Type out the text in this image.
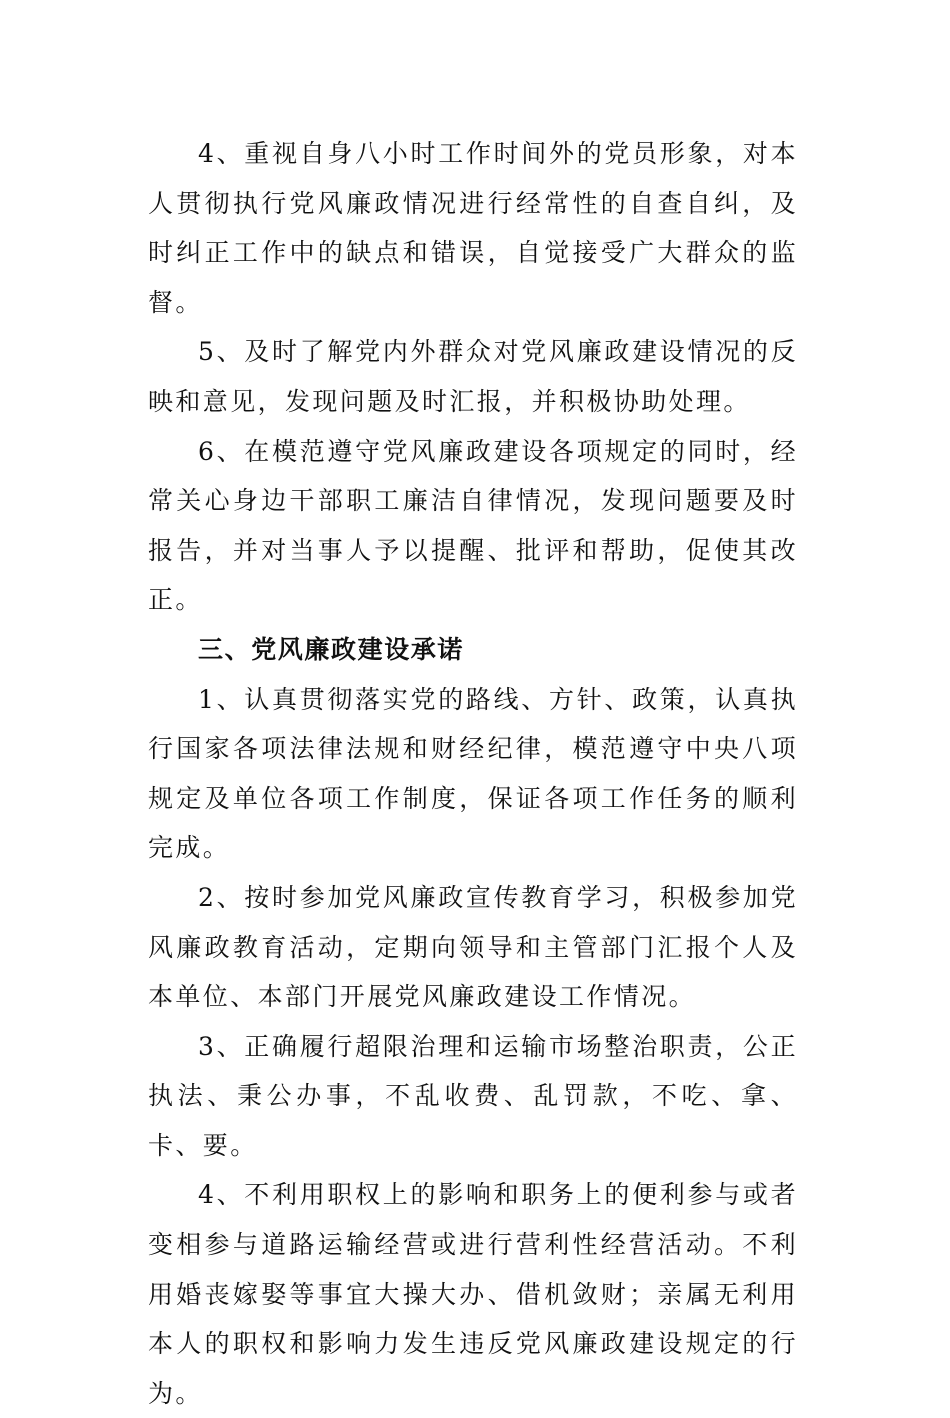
4、重视自身八小时工作时间外的党员形象，对本人贯彻执行党风廉政情况进行经常性的自查自纠，及时纠正工作中的缺点和错误，自觉接受广大群众的监督。

5、及时了解党内外群众对党风廉政建设情况的反映和意见，发现问题及时汇报，并积极协助处理。

6、在模范遵守党风廉政建设各项规定的同时，经常关心身边干部职工廉洁自律情况，发现问题要及时报告，并对当事人予以提醒、批评和帮助，促使其改正。

三、党风廉政建设承诺

1、认真贯彻落实党的路线、方针、政策，认真执行国家各项法律法规和财经纪律，模范遵守中央八项规定及单位各项工作制度，保证各项工作任务的顺利完成。

2、按时参加党风廉政宣传教育学习，积极参加党风廉政教育活动，定期向领导和主管部门汇报个人及本单位、本部门开展党风廉政建设工作情况。

3、正确履行超限治理和运输市场整治职责，公正执法、秉公办事，不乱收费、乱罚款，不吃、拿、卡、要。

4、不利用职权上的影响和职务上的便利参与或者变相参与道路运输经营或进行营利性经营活动。不利用婚丧嫁娶等事宜大操大办、借机敛财；亲属无利用本人的职权和影响力发生违反党风廉政建设规定的行为。
